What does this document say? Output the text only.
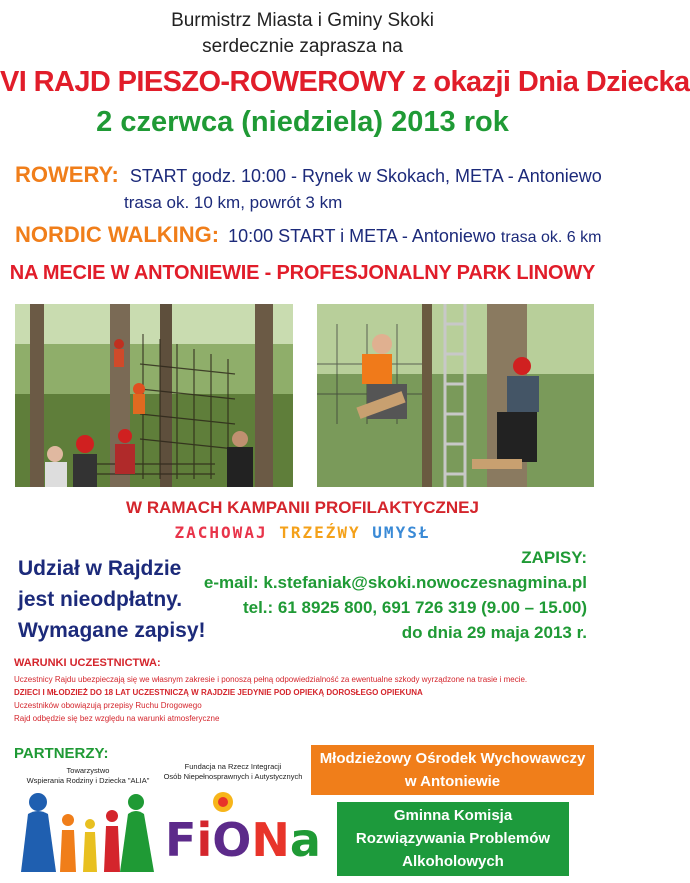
Burmistrz Miasta i Gminy Skoki
serdecznie zaprasza na
VI RAJD PIESZO-ROWEROWY z okazji Dnia Dziecka
2 czerwca (niedziela) 2013 rok
ROWERY: START godz. 10:00 - Rynek w Skokach, META - Antoniewo
trasa ok. 10 km, powrót 3 km
NORDIC WALKING: 10:00 START i META - Antoniewo trasa ok. 6 km
NA MECIE W ANTONIEWIE - PROFESJONALNY PARK LINOWY
W RAMACH KAMPANII PROFILAKTYCZNEJ
ZACHOWAJ TRZEŹWY UMYSŁ
Udział w Rajdzie
jest nieodpłatny.
Wymagane zapisy!
ZAPISY:
e-mail: k.stefaniak@skoki.nowoczesnagmina.pl
tel.: 61 8925 800, 691 726 319 (9.00 – 15.00)
do dnia 29 maja 2013 r.
WARUNKI UCZESTNICTWA:
Uczestnicy Rajdu ubezpieczają się we własnym zakresie i ponoszą pełną odpowiedzialność za ewentualne szkody wyrządzone na trasie i mecie.
DZIECI I MŁODZIEŻ DO 18 LAT UCZESTNICZĄ W RAJDZIE JEDYNIE POD OPIEKĄ DOROSŁEGO OPIEKUNA
Uczestników obowiązują przepisy Ruchu Drogowego
Rajd odbędzie się bez względu na warunki atmosferyczne
PARTNERZY:
Towarzystwo
Wspierania Rodziny i Dziecka "ALIA"
Fundacja na Rzecz Integracji
Osób Niepełnosprawnych i Autystycznych
FiONa
Młodzieżowy Ośrodek Wychowawczy
w Antoniewie
Gminna Komisja
Rozwiązywania Problemów
Alkoholowych
